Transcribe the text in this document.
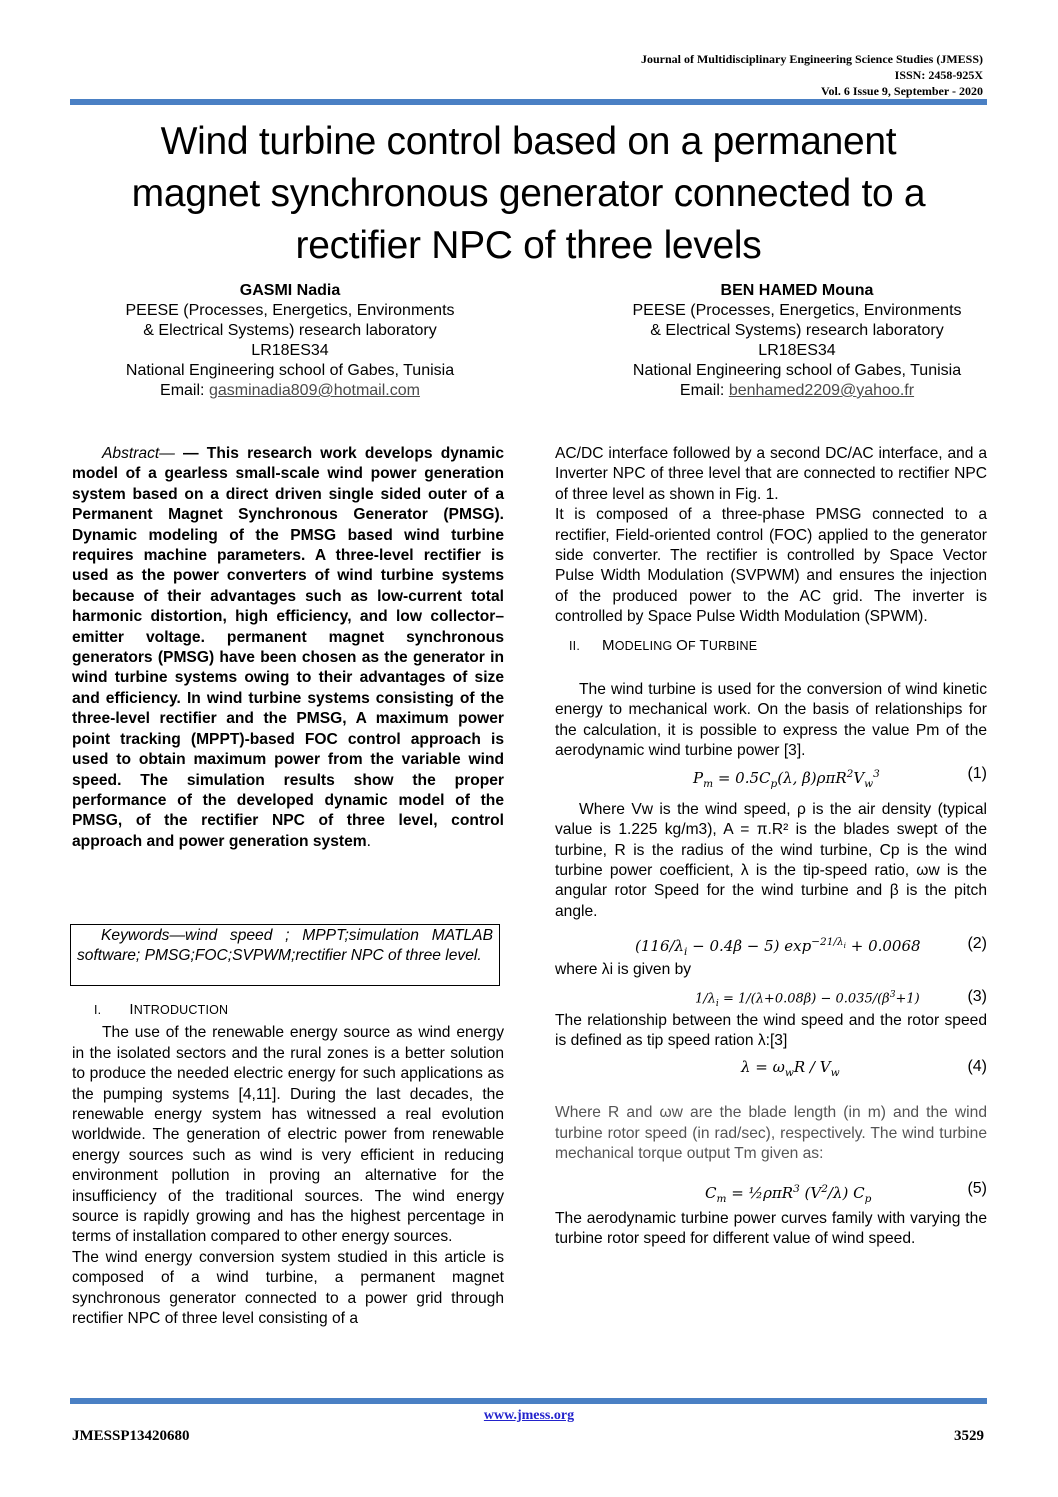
Journal of Multidisciplinary Engineering Science Studies (JMESS)
ISSN: 2458-925X
Vol. 6 Issue 9, September - 2020
Wind turbine control based on a permanent
magnet synchronous generator connected to a
rectifier NPC of three levels
GASMI Nadia
PEESE (Processes, Energetics, Environments
& Electrical Systems) research laboratory
LR18ES34
National Engineering school of Gabes, Tunisia
Email: gasminadia809@hotmail.com
BEN HAMED Mouna
PEESE (Processes, Energetics, Environments
& Electrical Systems) research laboratory
LR18ES34
National Engineering school of Gabes, Tunisia
Email: benhamed2209@yahoo.fr

Abstract— — This research work develops dynamic model of a gearless small-scale wind power generation system based on a direct driven single sided outer of a Permanent Magnet Synchronous Generator (PMSG). Dynamic modeling of the PMSG based wind turbine requires machine parameters. A three-level rectifier is used as the power converters of wind turbine systems because of their advantages such as low-current total harmonic distortion, high efficiency, and low collector–emitter voltage. permanent magnet synchronous generators (PMSG) have been chosen as the generator in wind turbine systems owing to their advantages of size and efficiency. In wind turbine systems consisting of the three-level rectifier and the PMSG, A maximum power point tracking (MPPT)-based FOC control approach is used to obtain maximum power from the variable wind speed. The simulation results show the proper performance of the developed dynamic model of the PMSG, of the rectifier NPC of three level, control approach and power generation system.

Keywords—wind speed ; MPPT;simulation MATLAB software; PMSG;FOC;SVPWM;rectifier NPC of three level.

I. INTRODUCTION

The use of the renewable energy source as wind energy in the isolated sectors and the rural zones is a better solution to produce the needed electric energy for such applications as the pumping systems [4,11]. During the last decades, the renewable energy system has witnessed a real evolution worldwide. The generation of electric power from renewable energy sources such as wind is very efficient in reducing environment pollution in proving an alternative for the insufficiency of the traditional sources. The wind energy source is rapidly growing and has the highest percentage in terms of installation compared to other energy sources.

The wind energy conversion system studied in this article is composed of a wind turbine, a permanent magnet synchronous generator connected to a power grid through rectifier NPC of three level consisting of a

AC/DC interface followed by a second DC/AC interface, and a Inverter NPC of three level that are connected to rectifier NPC of three level as shown in Fig. 1.

It is composed of a three-phase PMSG connected to a rectifier, Field-oriented control (FOC) applied to the generator side converter. The rectifier is controlled by Space Vector Pulse Width Modulation (SVPWM) and ensures the injection of the produced power to the AC grid. The inverter is controlled by Space Pulse Width Modulation (SPWM).

II. MODELING OF TURBINE

The wind turbine is used for the conversion of wind kinetic energy to mechanical work. On the basis of relationships for the calculation, it is possible to express the value Pm of the aerodynamic wind turbine power [3].

$P_m = 0.5C_p(\lambda$, $\beta)\rho\pi R^2V_w^3$	(1)

Where Vw is the wind speed, ρ is the air density (typical value is 1.225 kg/m3), A = π.R² is the blades swept of the turbine, R is the radius of the wind turbine, Cp is the wind turbine power coefficient, λ is the tip-speed ratio, ωw is the angular rotor Speed for the wind turbine and β is the pitch angle.

$(116/\lambda_i - 0.4\beta - 5) \exp^{-21/\lambda_i} + 0.0068$	(2)

where λi is given by

$1/\lambda_i = 1/(\lambda+0.08\beta) - 0.035/(\beta^3+1)$	(3)

The relationship between the wind speed and the rotor speed is defined as tip speed ration λ:[3]

$\lambda = \omega_wR / V_w$	(4)

Where R and ωw are the blade length (in m) and the wind turbine rotor speed (in rad/sec), respectively. The wind turbine mechanical torque output Tm given as:

$C_m$ = ½ρπR$^3$ $(V^2/\lambda)$ $C_p$
(5)

The aerodynamic turbine power curves family with varying the turbine rotor speed for different value of wind speed.

www.jmess.org
JMESSP13420680	3529
